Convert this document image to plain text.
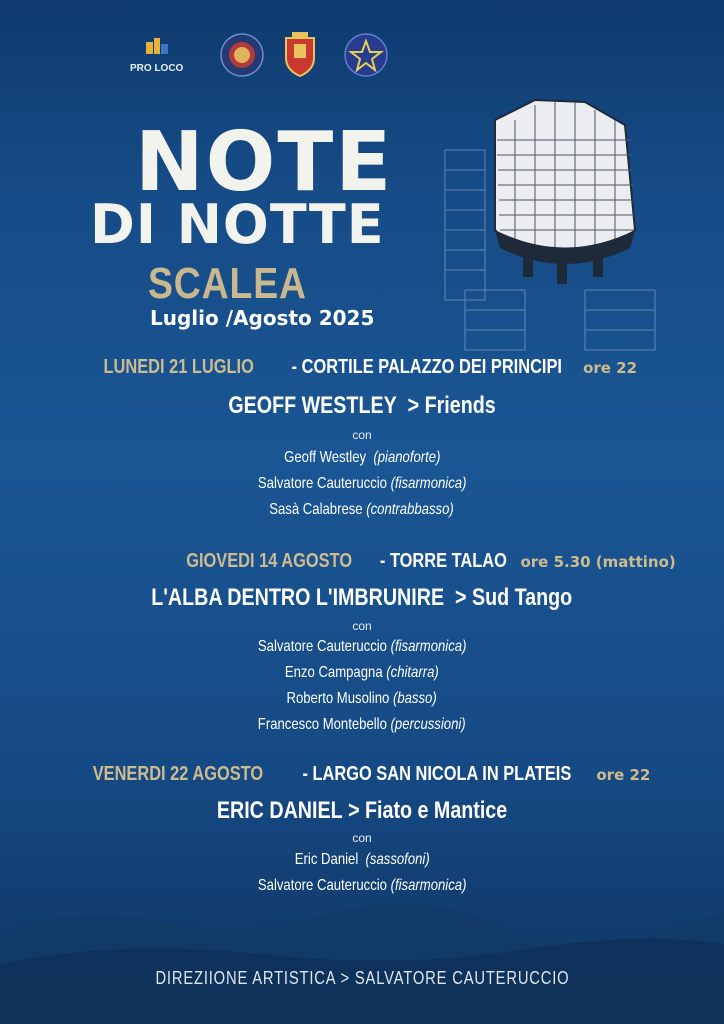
PRO LOCO
NOTE
DI NOTTE
SCALEA
Luglio /Agosto 2025
LUNEDI 21 LUGLIO - CORTILE PALAZZO DEI PRINCIPI ore 22
GEOFF WESTLEY > Friends
con
Geoff Westley (pianoforte)
Salvatore Cauteruccio (fisarmonica)
Sasà Calabrese (contrabbasso)
GIOVEDI 14 AGOSTO - TORRE TALAO ore 5.30 (mattino)
L'ALBA DENTRO L'IMBRUNIRE > Sud Tango
con
Salvatore Cauteruccio (fisarmonica)
Enzo Campagna (chitarra)
Roberto Musolino (basso)
Francesco Montebello (percussioni)
VENERDI 22 AGOSTO - LARGO SAN NICOLA IN PLATEIS ore 22
ERIC DANIEL > Fiato e Mantice
con
Eric Daniel (sassofoni)
Salvatore Cauteruccio (fisarmonica)
DIREZIIONE ARTISTICA > SALVATORE CAUTERUCCIO
